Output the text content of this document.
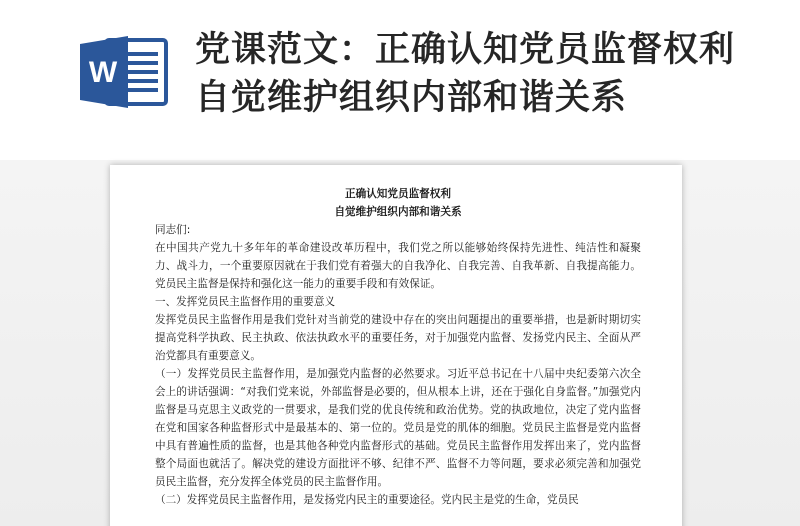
W
党课范文：正确认知党员监督权利 自觉维护组织内部和谐关系

正确认知党员监督权利

自觉维护组织内部和谐关系

同志们:

在中国共产党九十多年年的革命建设改革历程中，我们党之所以能够始终保持先进性、纯洁性和凝聚力、战斗力，一个重要原因就在于我们党有着强大的自我净化、自我完善、自我革新、自我提高能力。党员民主监督是保持和强化这一能力的重要手段和有效保证。

一、发挥党员民主监督作用的重要意义

发挥党员民主监督作用是我们党针对当前党的建设中存在的突出问题提出的重要举措，也是新时期切实提高党科学执政、民主执政、依法执政水平的重要任务，对于加强党内监督、发扬党内民主、全面从严治党都具有重要意义。

（一）发挥党员民主监督作用，是加强党内监督的必然要求。习近平总书记在十八届中央纪委第六次全会上的讲话强调：“对我们党来说，外部监督是必要的，但从根本上讲，还在于强化自身监督。”加强党内监督是马克思主义政党的一贯要求，是我们党的优良传统和政治优势。党的执政地位，决定了党内监督在党和国家各种监督形式中是最基本的、第一位的。党员是党的肌体的细胞。党员民主监督是党内监督中具有普遍性质的监督，也是其他各种党内监督形式的基础。党员民主监督作用发挥出来了，党内监督整个局面也就活了。解决党的建设方面批评不够、纪律不严、监督不力等问题，要求必须完善和加强党员民主监督，充分发挥全体党员的民主监督作用。

（二）发挥党员民主监督作用，是发扬党内民主的重要途径。党内民主是党的生命，党员民
